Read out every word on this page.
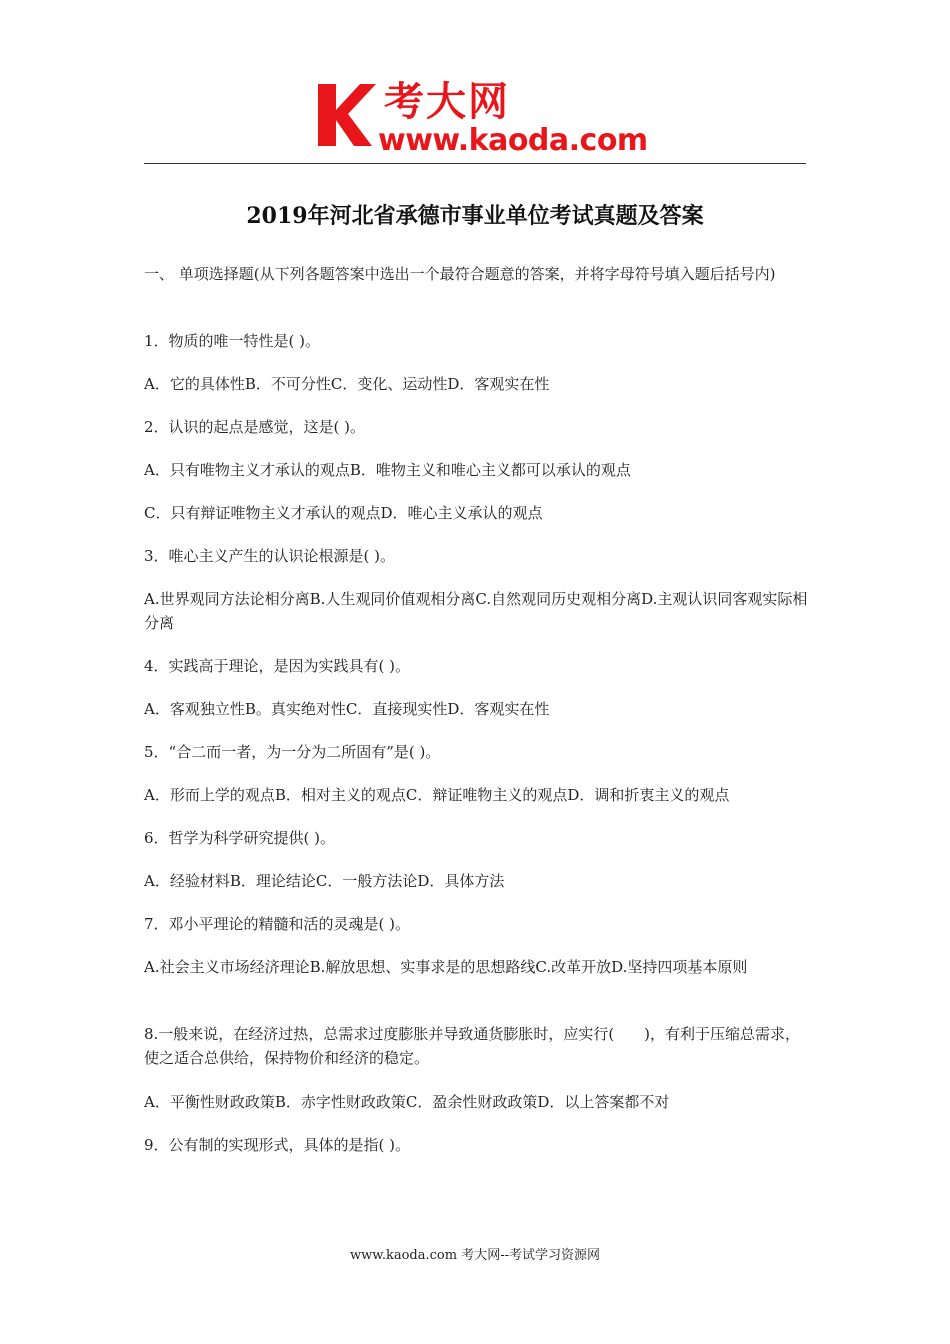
考大网
www.kaoda.com
2019年河北省承德市事业单位考试真题及答案
一、 单项选择题(从下列各题答案中选出一个最符合题意的答案，并将字母符号填入题后括号内)
1．物质的唯一特性是( )。
A．它的具体性B．不可分性C．变化、运动性D．客观实在性
2．认识的起点是感觉，这是( )。
A．只有唯物主义才承认的观点B．唯物主义和唯心主义都可以承认的观点
C．只有辩证唯物主义才承认的观点D．唯心主义承认的观点
3．唯心主义产生的认识论根源是( )。
A.世界观同方法论相分离B.人生观同价值观相分离C.自然观同历史观相分离D.主观认识同客观实际相分离
4．实践高于理论，是因为实践具有( )。
A．客观独立性B。真实绝对性C．直接现实性D．客观实在性
5．“合二而一者，为一分为二所固有”是( )。
A．形而上学的观点B．相对主义的观点C．辩证唯物主义的观点D．调和折衷主义的观点
6．哲学为科学研究提供( )。
A．经验材料B．理论结论C．一般方法论D．具体方法
7．邓小平理论的精髓和活的灵魂是( )。
A.社会主义市场经济理论B.解放思想、实事求是的思想路线C.改革开放D.坚持四项基本原则
8.一般来说，在经济过热，总需求过度膨胀并导致通货膨胀时，应实行(　　)，有利于压缩总需求，使之适合总供给，保持物价和经济的稳定。
A．平衡性财政政策B．赤字性财政政策C．盈余性财政政策D．以上答案都不对
9．公有制的实现形式，具体的是指( )。
www.kaoda.com 考大网--考试学习资源网
